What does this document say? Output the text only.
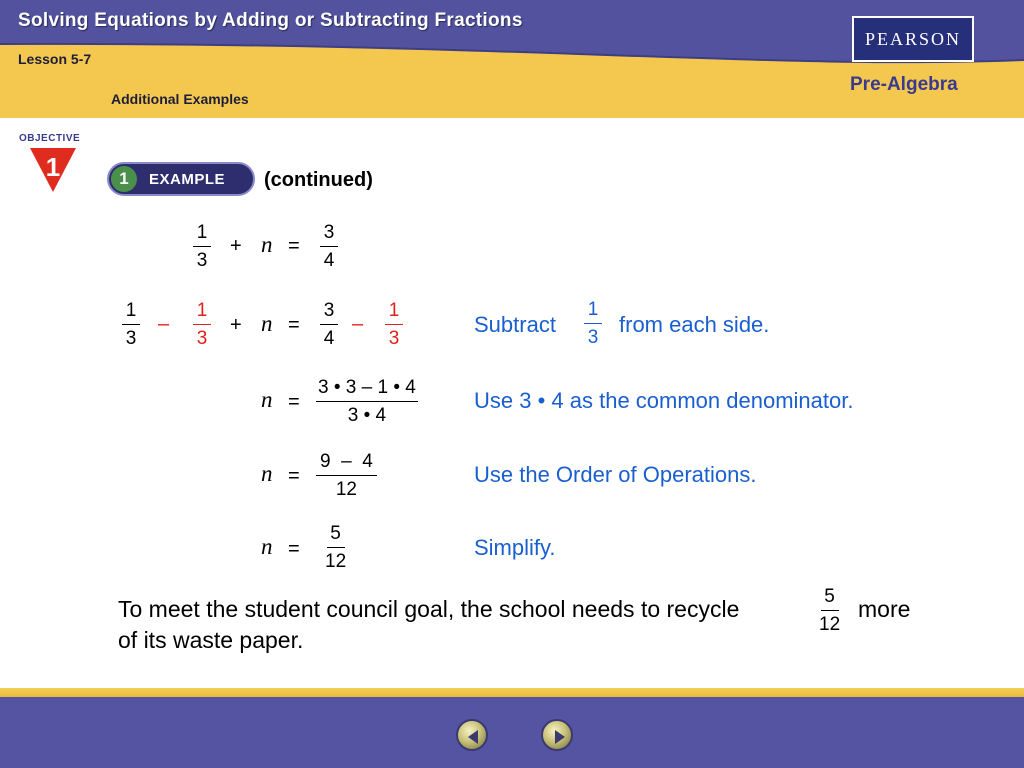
Solving Equations by Adding or Subtracting Fractions
Lesson 5-7
Additional Examples
PEARSON
Pre-Algebra
OBJECTIVE
1	1	EXAMPLE (continued)
$\frac{1}{3} + n = \frac{3}{4}$
$\frac{1}{3} - \frac{1}{3} + n = \frac{3}{4} - \frac{1}{3}$	Subtract $\frac{1}{3}$ from each side.
$n = \frac{3 • 3 - 1 • 4}{3 • 4}$	Use 3 • 4 as the common denominator.
$n = \frac{9 - 4}{12}$	Use the Order of Operations.
$n = \frac{5}{12}$	Simplify.
To meet the student council goal, the school needs to recycle	$\frac{5}{12}$ more
of its waste paper.
